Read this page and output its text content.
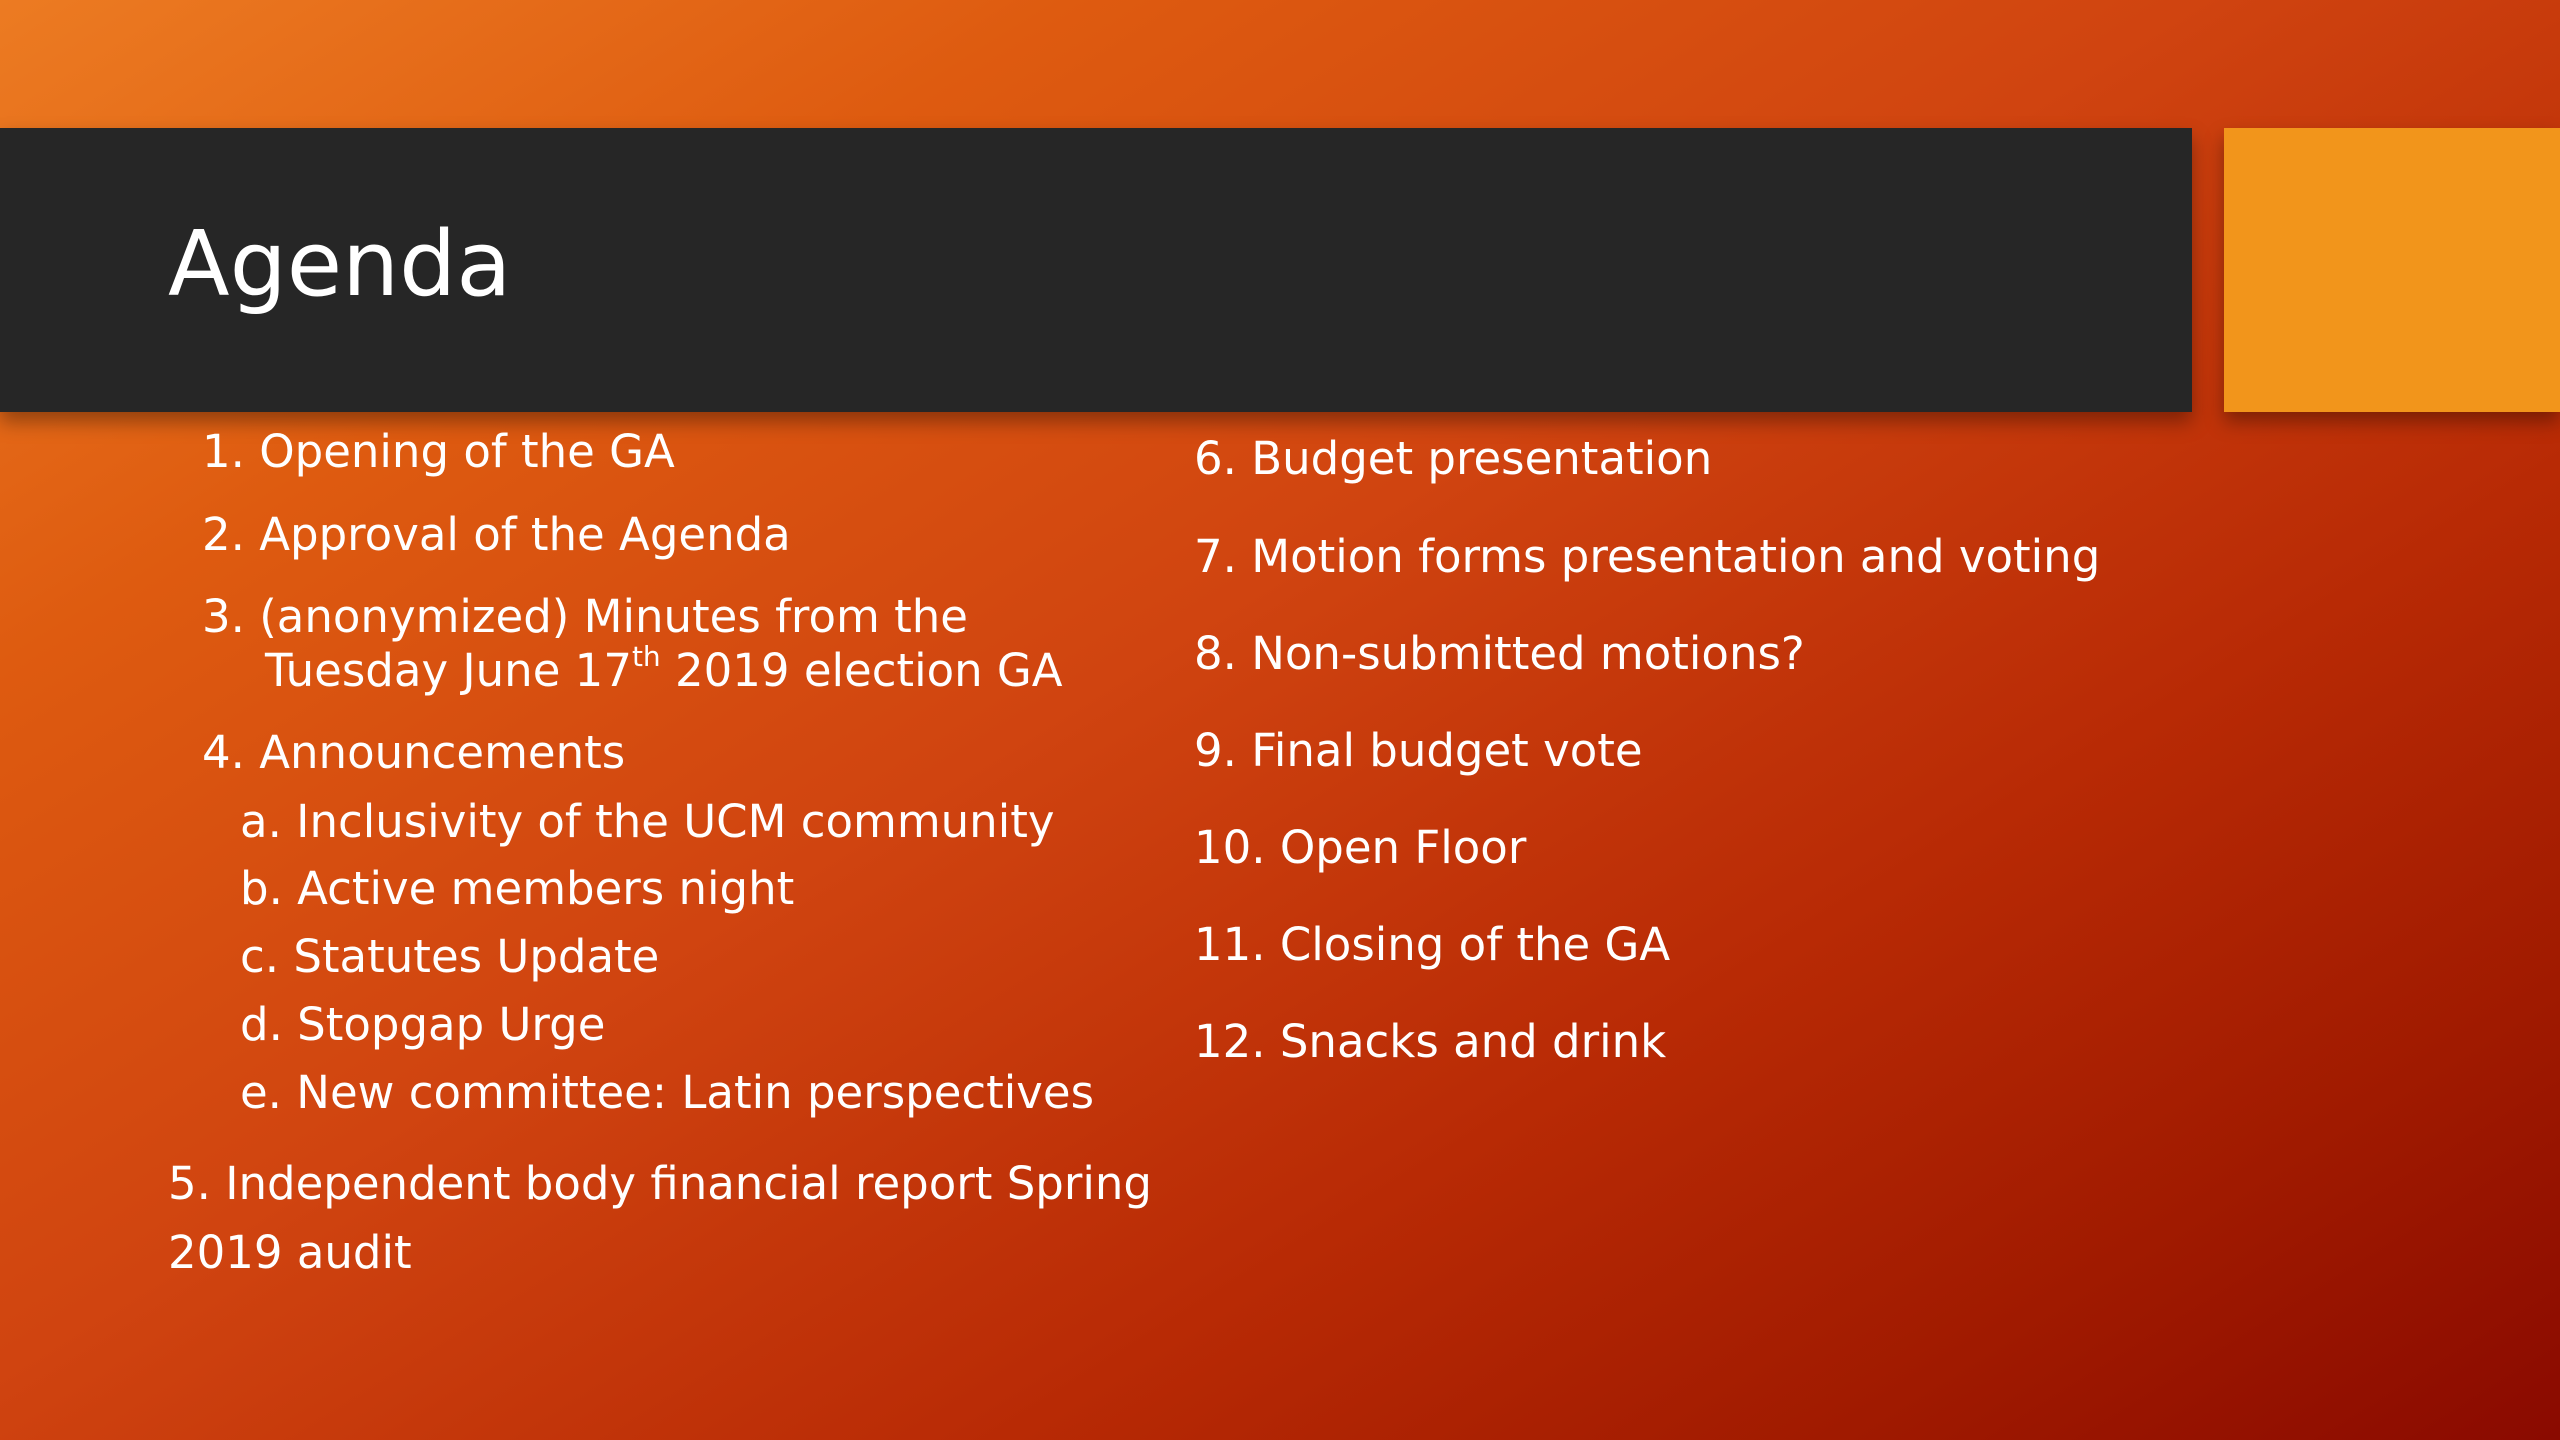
Agenda
1. Opening of the GA
2. Approval of the Agenda
3. (anonymized) Minutes from the
Tuesday June 17th 2019 election GA
4. Announcements
a. Inclusivity of the UCM community
b. Active members night
c. Statutes Update
d. Stopgap Urge
e. New committee: Latin perspectives
5. Independent body financial report Spring
2019 audit
6. Budget presentation
7. Motion forms presentation and voting
8. Non-submitted motions?
9. Final budget vote
10. Open Floor
11. Closing of the GA
12. Snacks and drink
